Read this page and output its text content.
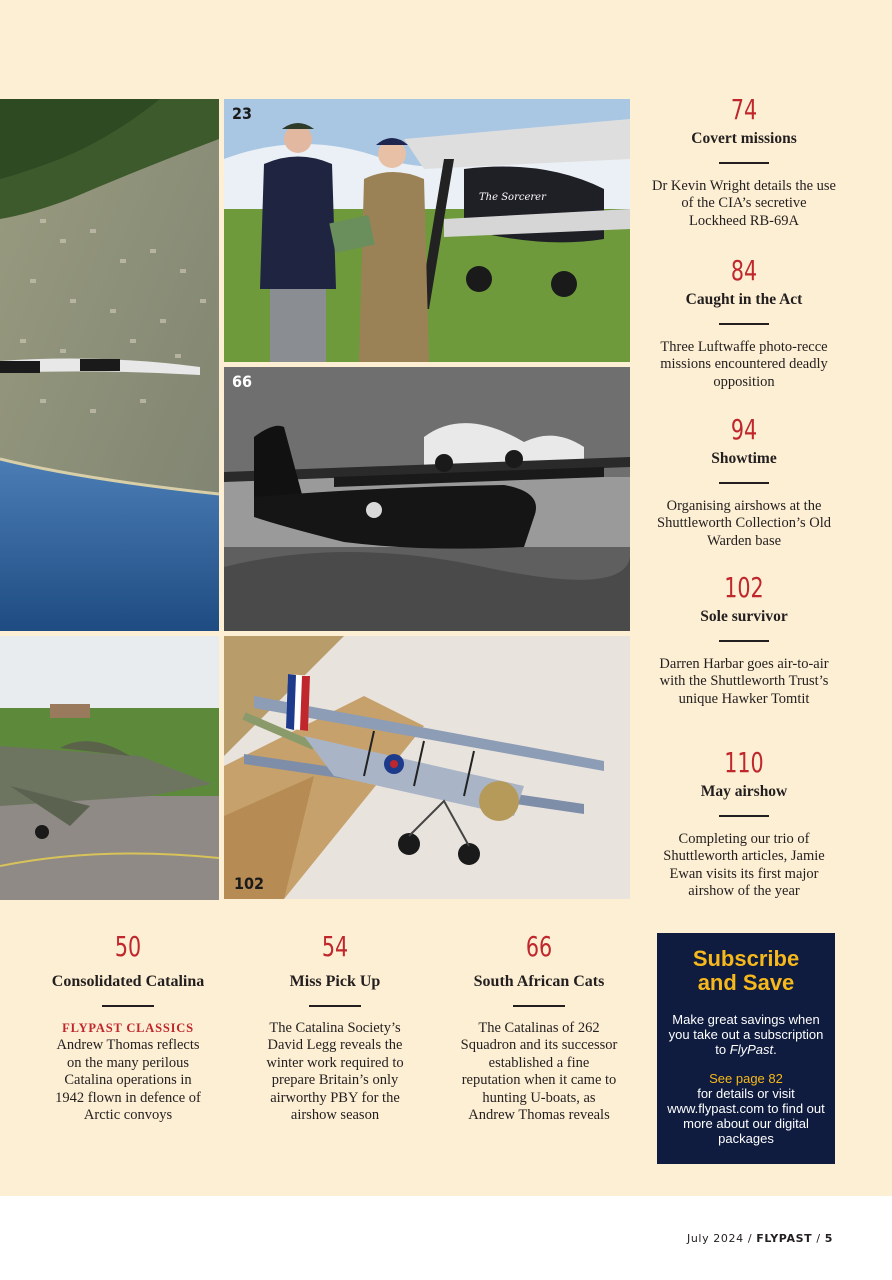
The Sorcerer
23
66
102
74
Covert missions
Dr Kevin Wright details the use of the CIA’s secretive Lockheed RB-69A
84
Caught in the Act
Three Luftwaffe photo-recce missions encountered deadly opposition
94
Showtime
Organising airshows at the Shuttleworth Collection’s Old Warden base
102
Sole survivor
Darren Harbar goes air-to-air with the Shuttleworth Trust’s unique Hawker Tomtit
110
May airshow
Completing our trio of Shuttleworth articles, Jamie Ewan visits its first major airshow of the year
50
Consolidated Catalina
FLYPAST CLASSICS
Andrew Thomas reflects on the many perilous Catalina operations in 1942 flown in defence of Arctic convoys
54
Miss Pick Up
The Catalina Society’s David Legg reveals the winter work required to prepare Britain’s only airworthy PBY for the airshow season
66
South African Cats
The Catalinas of 262 Squadron and its successor established a fine reputation when it came to hunting U-boats, as Andrew Thomas reveals
Subscribe
and Save
Make great savings when you take out a subscription to FlyPast.
See page 82
for details or visit www.flypast.com to find out more about our digital packages
July 2024 / FLYPAST / 5
